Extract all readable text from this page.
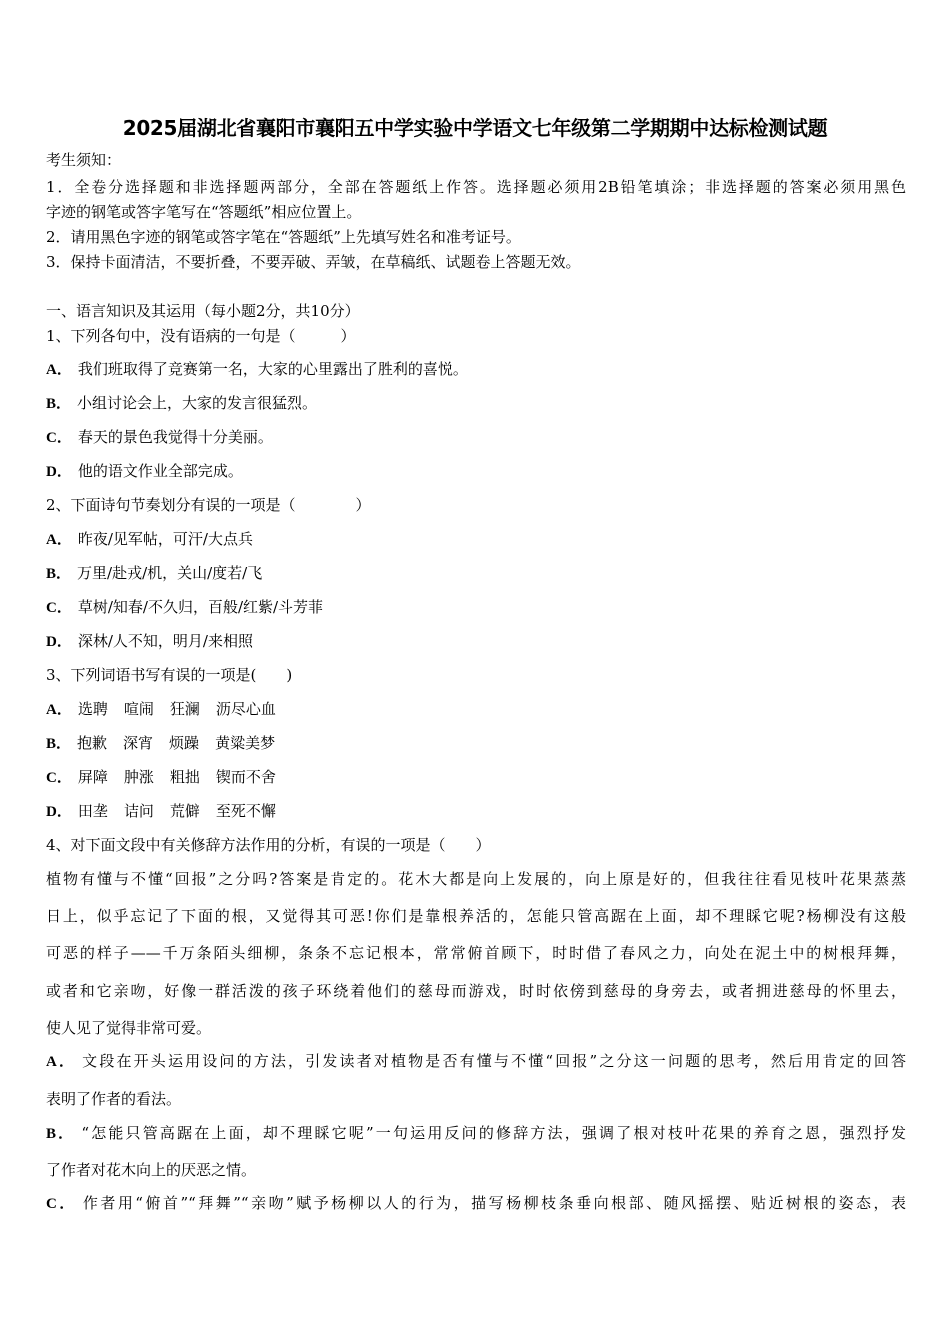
2025届湖北省襄阳市襄阳五中学实验中学语文七年级第二学期期中达标检测试题
考生须知：
1．全卷分选择题和非选择题两部分，全部在答题纸上作答。选择题必须用2B铅笔填涂；非选择题的答案必须用黑色
字迹的钢笔或答字笔写在“答题纸”相应位置上。
2．请用黑色字迹的钢笔或答字笔在“答题纸”上先填写姓名和准考证号。
3．保持卡面清洁，不要折叠，不要弄破、弄皱，在草稿纸、试题卷上答题无效。
一、语言知识及其运用（每小题2分，共10分）
1、下列各句中，没有语病的一句是（　　　）
A． 我们班取得了竞赛第一名，大家的心里露出了胜利的喜悦。
B． 小组讨论会上，大家的发言很猛烈。
C． 春天的景色我觉得十分美丽。
D． 他的语文作业全部完成。
2、下面诗句节奏划分有误的一项是（　　　　）
A． 昨夜/见军帖，可汗/大点兵
B． 万里/赴戎/机，关山/度若/飞
C． 草树/知春/不久归，百般/红紫/斗芳菲
D． 深林/人不知，明月/来相照
3、下列词语书写有误的一项是(　　)
A． 选聘 喧闹 狂澜 沥尽心血
B． 抱歉 深宵 烦躁 黄粱美梦
C． 屏障 肿涨 粗拙 锲而不舍
D． 田垄 诘问 荒僻 至死不懈
4、对下面文段中有关修辞方法作用的分析，有误的一项是（　　）
植物有懂与不懂“回报”之分吗?答案是肯定的。花木大都是向上发展的，向上原是好的，但我往往看见枝叶花果蒸蒸
日上，似乎忘记了下面的根，又觉得其可恶!你们是靠根养活的，怎能只管高踞在上面，却不理睬它呢?杨柳没有这般
可恶的样子——千万条陌头细柳，条条不忘记根本，常常俯首顾下，时时借了春风之力，向处在泥土中的树根拜舞，
或者和它亲吻，好像一群活泼的孩子环绕着他们的慈母而游戏，时时依傍到慈母的身旁去，或者拥进慈母的怀里去，
使人见了觉得非常可爱。
A． 文段在开头运用设问的方法，引发读者对植物是否有懂与不懂“回报”之分这一问题的思考，然后用肯定的回答
表明了作者的看法。
B． “怎能只管高踞在上面，却不理睬它呢”一句运用反问的修辞方法，强调了根对枝叶花果的养育之恩，强烈抒发
了作者对花木向上的厌恶之情。
C． 作者用“俯首”“拜舞”“亲吻”赋予杨柳以人的行为，描写杨柳枝条垂向根部、随风摇摆、贴近树根的姿态，表
